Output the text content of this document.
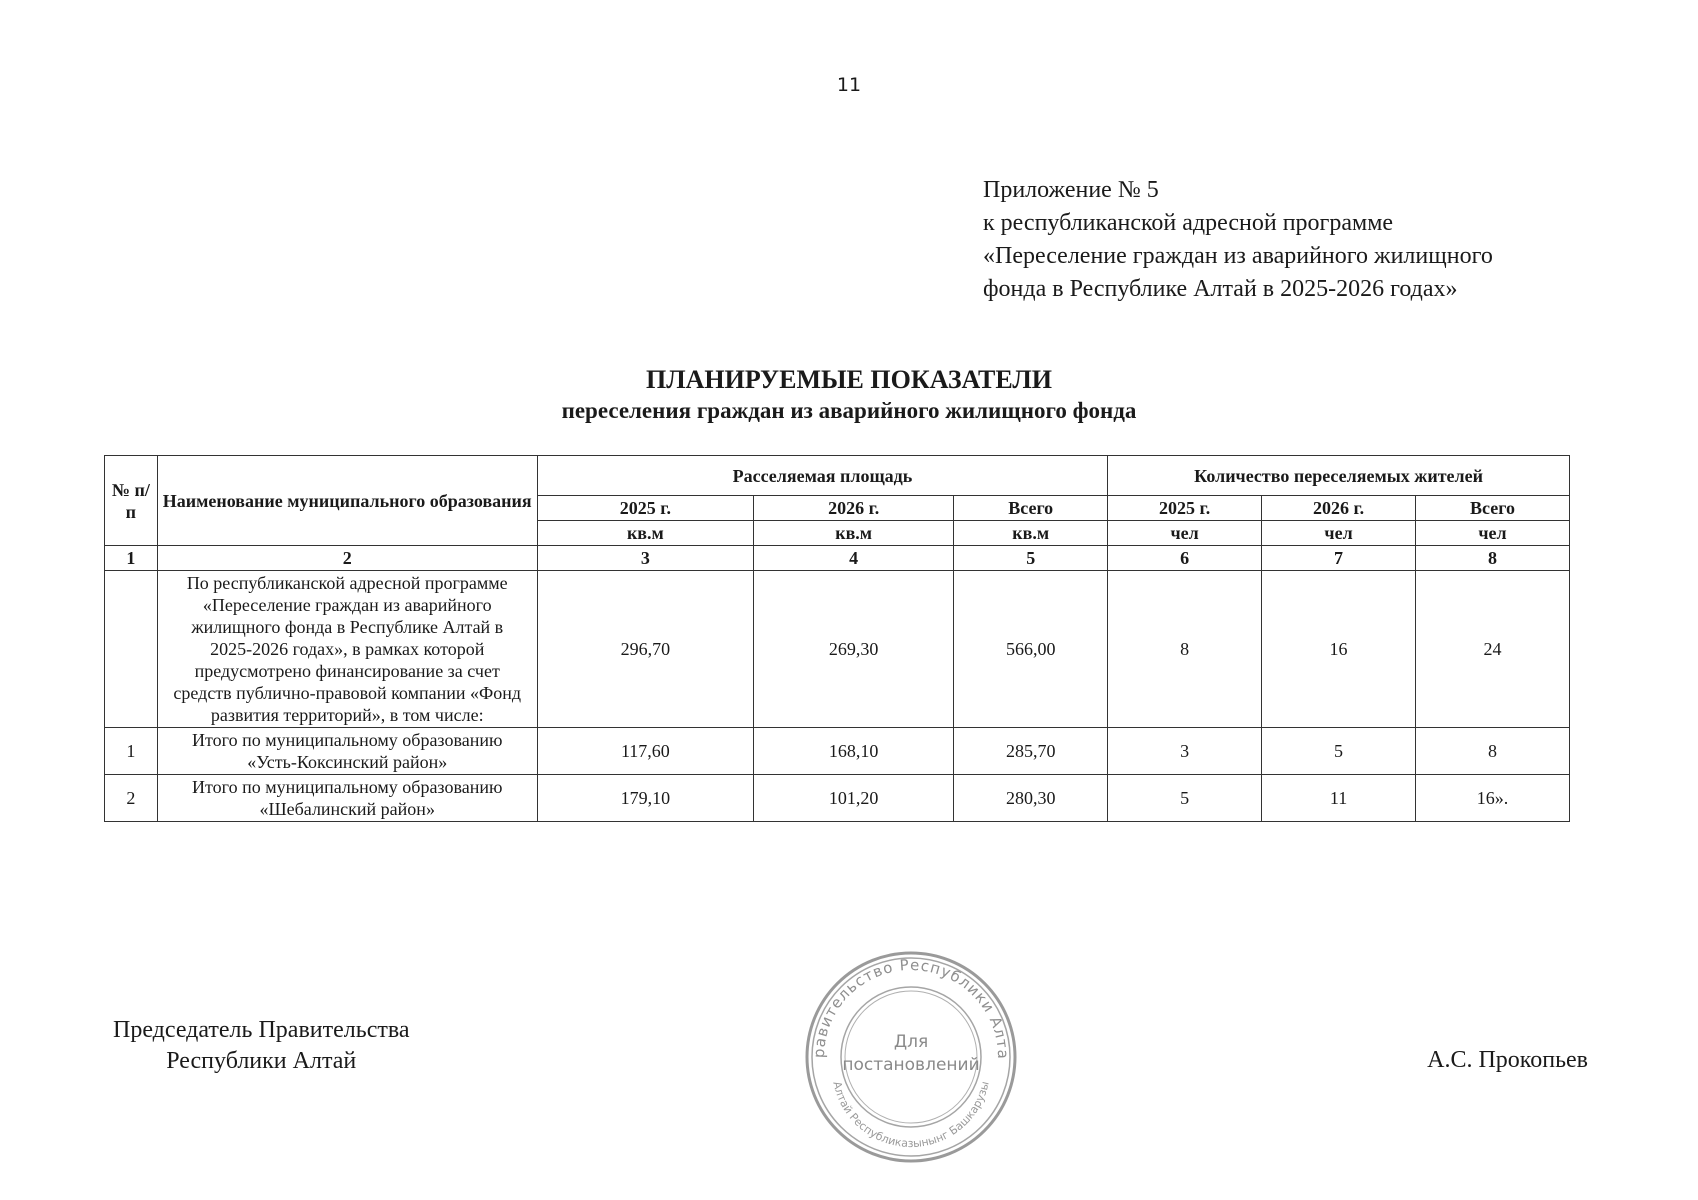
11
Приложение № 5
к республиканской адресной программе
«Переселение граждан из аварийного жилищного
фонда в Республике Алтай в 2025-2026 годах»
ПЛАНИРУЕМЫЕ ПОКАЗАТЕЛИ
переселения граждан из аварийного жилищного фонда
№ п/п	Наименование муниципального образования	Расселяемая площадь			Количество переселяемых жителей		
		2025 г.	2026 г.	Всего	2025 г.	2026 г.	Всего
		кв.м	кв.м	кв.м	чел	чел	чел
1	2	3	4	5	6	7	8
	По республиканской адресной программе «Переселение граждан из аварийного жилищного фонда в Республике Алтай в 2025-2026 годах», в рамках которой предусмотрено финансирование за счет средств публично-правовой компании «Фонд развития территорий», в том числе:	296,70	269,30	566,00	8	16	24
1	Итого по муниципальному образованию «Усть-Коксинский район»	117,60	168,10	285,70	3	5	8
2	Итого по муниципальному образованию «Шебалинский район»	179,10	101,20	280,30	5	11	16».
Председатель Правительства
Республики Алтай	равительство Республики Алта
Алтай Республиказынынг Башкарузы
Для
постановлений	А.С. Прокопьев
